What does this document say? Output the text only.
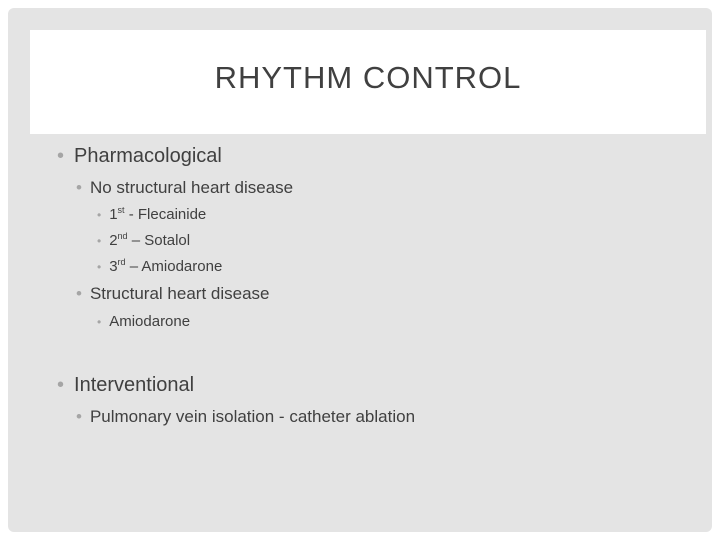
RHYTHM CONTROL
• Pharmacological
• No structural heart disease
• 1st - Flecainide
• 2nd – Sotalol
• 3rd – Amiodarone
• Structural heart disease
• Amiodarone
• Interventional
• Pulmonary vein isolation - catheter ablation
